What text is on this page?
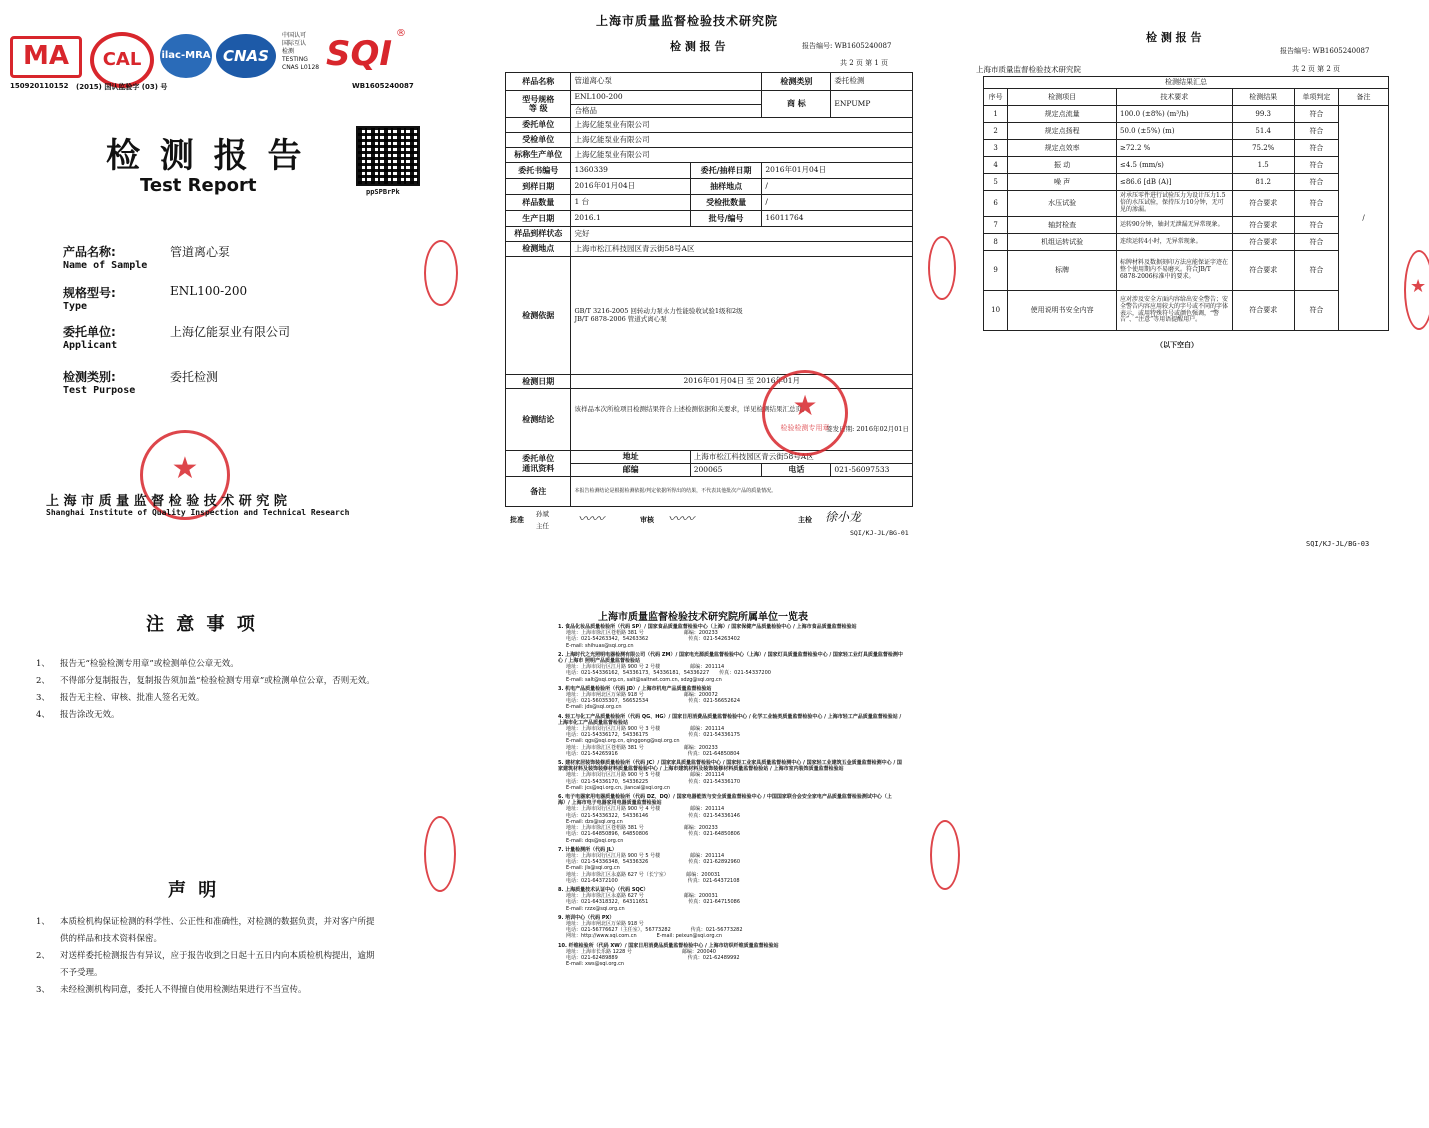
MA	CAL	ilac-MRA CNAS
中国认可
国际互认
检测
TESTING
CNAS L0128 SQI
®
150920110152 (2015) 国认监验字 (03) 号	WB1605240087
检 测 报 告
Test Report	ppSPBrPk
产品名称:
Name of Sample
管道离心泵
规格型号:
Type
ENL100-200
委托单位:
Applicant
上海亿能泵业有限公司
检测类别:
Test Purpose
委托检测
★
上 海 市 质 量 监 督 检 验 技 术 研 究 院
Shanghai Institute of Quality Inspection and Technical Research
上海市质量监督检验技术研究院
检 测 报 告	报告编号: WB1605240087
共 2 页 第 1 页
样品名称	管道离心泵		检测类别	委托检测
型号规格
等 级	ENL100-200		商 标	ENPUMP
	合格品			
委托单位	上海亿能泵业有限公司			
受检单位	上海亿能泵业有限公司			
标称生产单位	上海亿能泵业有限公司			
委托书编号	1360339	委托/抽样日期	2016年01月04日	
到样日期	2016年01月04日	抽样地点	/	
样品数量	1 台	受检批数量	/	
生产日期	2016.1	批号/编号	16011764	
样品到样状态	完好			
检测地点	上海市松江科技园区青云街58号A区			
检测依据	GB/T 3216-2005 回转动力泵水力性能验收试验1级和2级
JB/T 6878-2006 管道式离心泵			

检测日期	2016年01月04日 至 2016年01月			
检测结论	该样品本次所检项目检测结果符合上述检测依据和关要求，详见检测结果汇总页。
签发日期: 2016年02月01日			

委托单位
通讯资料	地址	上海市松江科技园区青云街58号A区		
	邮编	200065	电话	021-56097533
备注	本报告检测结论是根据检测依据/判定依据所得出的结果，不代表其他批次产品的质量情况。			
★
检验检测专用章
批准
孙斌
主任 〰〰	审核 〰〰	主检 徐小龙
SQI/KJ-JL/BG-01
检 测 报 告
报告编号: WB1605240087
上海市质量监督检验技术研究院	共 2 页 第 2 页
检测结果汇总					
序号	检测项目	技术要求	检测结果	单项判定	备注
1	规定点流量	100.0 (±8%) (m³/h)	99.3	符合	/
2	规定点扬程	50.0 (±5%) (m)	51.4	符合	
3	规定点效率	≥72.2 %	75.2%	符合	
4	振 动	≤4.5 (mm/s)	1.5	符合	
5	噪 声	≤86.6 [dB (A)]	81.2	符合	
6	水压试验	对承压零件进行试验压力为设计压力1.5倍的水压试验，保持压力10分钟，无可见的渗漏。	符合要求	符合	
7	轴封检查	运转90分钟，轴封无泄漏无异常现象。	符合要求	符合	
8	机组运转试验	连续运转4小时，无异常现象。	符合要求	符合	
9	标牌	标牌材料及数据刻印方法应能保证字迹在整个使用期内不易磨灭。符合JB/T 6878-2006标准中的要求。	符合要求	符合	
10	使用说明书安全内容	应对涉及安全方面内容给出安全警告；安全警告内容应用较大的字号或不同的字体表示，或用特殊符号或颜色强调，“警告”、“注意”等用语提醒用户。	符合要求	符合	
（以下空白）
SQI/KJ-JL/BG-03
★
注 意 事 项
1、	报告无“检验检测专用章”或检测单位公章无效。
2、	不得部分复制报告，复制报告须加盖“检验检测专用章”或检测单位公章，否则无效。
3、	报告无主检、审核、批准人签名无效。
4、	报告涂改无效。
声 明
1、	本质检机构保证检测的科学性、公正性和准确性，对检测的数据负责，并对客户所提供的样品和技术资料保密。
2、	对送样委托检测报告有异议，应于报告收到之日起十五日内向本质检机构提出，逾期不予受理。
3、	未经检测机构同意，委托人不得擅自使用检测结果进行不当宣传。
上海市质量监督检验技术研究院所属单位一览表
1. 食品化妆品质量检验所（代码 SP）/ 国家食品质量监督检验中心（上海）/ 国家保健产品质量检验中心 / 上海市食品质量监督检验站
地址：上海市徐汇区苍梧路 381 号　　　　　　　　邮编：200233
电话：021-54263342，54263362　　　　　　　　传真：021-54263402
E-mail: shihuas@sqi.org.cn
2. 上海时代之光照明电器检测有限公司（代码 ZM）/ 国家电光源质量监督检验中心（上海）/ 国家灯具质量监督检验中心 / 国家轻工业灯具质量监督检测中心 / 上海市 照明产品质量监督检验站
地址：上海市闵行区江月路 900 号 2 号楼　　　　　　邮编：201114
电话：021-54336162，54336173，54336181，54336227　　传真：021-54337200
E-mail: salt@sqi.org.cn, salt@saltnet.com.cn, sdzg@sqi.org.cn
3. 机电产品质量检验所（代码 JD）/ 上海市机电产品质量监督检验站
地址：上海市闸北区万荣路 918 号　　　　　　　　邮编：200072
电话：021-56035307，56652534　　　　　　　　传真：021-56652624
E-mail: jds@sqi.org.cn
4. 轻工与化工产品质量检验所（代码 QG、HG）/ 国家日用消费品质量监督检验中心 / 化学工业轴类质量监督检验中心 / 上海市轻工产品质量监督检验站 / 上海市化工产品质量监督检验站
地址：上海市闵行区江月路 900 号 3 号楼　　　　　　邮编：201114
电话：021-54336172，54336175　　　　　　　　传真：021-54336175
E-mail: qgs@sqi.org.cn, qinggong@sqi.org.cn
地址：上海市徐汇区苍梧路 381 号　　　　　　　　邮编：200233
电话：021-54265916　　　　　　　　　　　　　　传真：021-64850804
5. 建材家居装饰装修质量检验所（代码 JC）/ 国家家具质量监督检验中心 / 国家轻工业家具质量监督检测中心 / 国家轻工业建筑五金质量监督检测中心 / 国家建筑材料及装饰装修材料质量监督检验中心 / 上海市建筑材料及装饰装修材料质量监督检验站 / 上海市室内装饰质量监督检验站
地址：上海市闵行区江月路 900 号 5 号楼　　　　　　邮编：201114
电话：021-54336170，54336225　　　　　　　　传真：021-54336170
E-mail: jcs@sqi.org.cn, jiancai@sqi.org.cn
6. 电子电器家用电器质量检验所（代码 DZ、DQ）/ 国家电器能效与安全质量监督检验中心 / 中国国家联合会安全家电产品质量监督检验测试中心（上海）/ 上海市电子电器家用电器质量监督检验站
地址：上海市闵行区江月路 900 号 4 号楼　　　　　　邮编：201114
电话：021-54336322，54336146　　　　　　　　传真：021-54336146
E-mail: dzs@sqi.org.cn
地址：上海市徐汇区苍梧路 381 号　　　　　　　　邮编：200233
电话：021-64850896，64850806　　　　　　　　传真：021-64850806
E-mail: dqs@sqi.org.cn
7. 计量检测所（代码 JL）
地址：上海市闵行区江月路 900 号 5 号楼　　　　　　邮编：201114
电话：021-54336348，54336326　　　　　　　　传真：021-62892960
E-mail: jls@sqi.org.cn
地址：上海市徐汇区永嘉路 627 号（长宁室）　　　　邮编：200031
电话：021-64372100　　　　　　　　　　　　　　传真：021-64372108
8. 上海质量技术认证中心（代码 SQC）
地址：上海市徐汇区永嘉路 627 号　　　　　　　　邮编：200031
电话：021-64318322，64311651　　　　　　　　传真：021-64715086
E-mail: rzzx@sqi.org.cn
9. 培训中心（代码 PX）
地址：上海市闸北区万荣路 918 号
电话：021-56776627（主任室），56773282　　　　传真：021-56773282
网址：http://www.sqi.com.cn　　　　E-mail: peixun@sqi.org.cn
10. 纤维检验所（代码 XW）/ 国家日用消费品质量监督检验中心 / 上海市纺织纤维质量监督检验站
地址：上海市长乐路 1228 号　　　　　　　　　　邮编：200040
电话：021-62489889　　　　　　　　　　　　　　传真：021-62489992
E-mail: xws@sqi.org.cn
